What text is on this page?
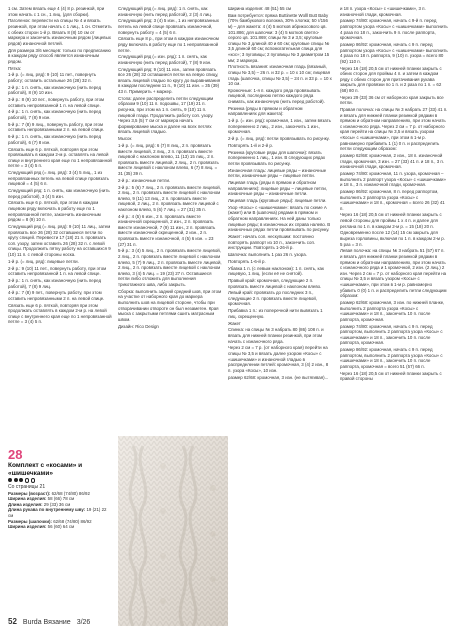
1 см. Затем вязать еще 4 (4) 8 р. резинкой, при этом начать с 1 сн., 1 лиц. (для сборки).

Паголенок: перевести на спицы № 4 и вязать резинкой, при этом начать с 1 лиц., 1 сн. Отметить с обеих сторон 1-й р. Вязать 8 (8) 10 см от маркера и закончить изнаночным рядом (лицевых рядов) изнаночной петлей.

Для размера 3/6 месяцев: только по предписанию в каждом ряду способ является изнаночным рядом.

Пятка:

1-й р. (= лиц. ряд): 9 (10) 11 пет., повернуть работу; оставить остальные 26 (28) 32 п.

2-й р.: 1 п. снять, как изнаночную (нить перед работой), 8 (9) 10 изн.

3-й р.: 8 (9) 10 пет., повернуть работу, при этом оставить непровязанной 1 п. на левой спице.

4-й р.: 1 п. снять, как изнаночную (нить перед работой), 7 (8) 9 изн.

5-й р.: 7 (8) 9 лиц., повернуть работу, при этом оставить непровязанными 2 п. на левой спице.

6-й р.: 1 п. снять, как изнаночную (нить перед работой), 6 (7) 8 изн.

Связать еще 6 р. пяткой, повторяя при этом провязывать в каждом 2-м р. оставлять на левой спице и внутреннего края еще по 1 непровязанной петле = 3 (4) 5 п.

Следующий ряд (= лиц. ряд): 3 (4) 5 лиц., 1 из непровязанных петель на левой спице провязать лицевой = 4 (5) 6 п.

Следующий ряд: 1 п. снять, как изнаночную (нить перед работой), 3 (4) 5 изн.

Связать еще 6 р. пяткой, при этом в каждом лицевом ряду включать в работу еще по 1 непровязанной петле, закончить изнаночным рядом = 8 (9) 10 п.

Следующий ряд (= лиц. ряд): 9 (10) 11 лиц., затем провязать все 26 (28) 32 оставшиеся петли по кругу спицей. Перевести 17 (18) 21 п. провязать соп. узору, затем оставить 26 (28) 32 п. с левой спицы. Продолжить пятку работу на оставшихся 9 (10) 11 п. с левой стороны носка.

1-й р. (= лиц. ряд): лицевые петли.

2-й р.: 9 (10) 11 пет., повернуть работу, при этом оставить непровязанной 1 п. на левой спице.

3-й р.: 1 п. снять, как изнаночную (нить перед работой), 7 (8) 9 лиц.

4-й р.: 7 (8) 9 пет., повернуть работу, при этом оставить непровязанными 2 п. на левой спице.

Связать еще 6 р. пяткой, повторяя при этом продолжать оставлять в каждом 2-м р. на левой спице с внутреннего края еще по 1 непровязанной петле = 3 (4) 5 п.

Следующий ряд (= лиц. ряд): 1 п. снять, как изнаночную (нить перед работой), 2 (3) 4 лиц.

Следующий ряд: 3 (4) 5 изн., 1 из непровязанных петель на левой спице провязать изнаночной, повернуть работу = 4 (5) 6 п.

Связать еще 8 р., при этом в каждом изнаночном ряду включать в работу еще по 1 непровязанной петле.

Следующий ряд (= изн. ряд): 1 п. снять, как изнаночную (нить перед работой), 7 (8) 9 изн.

Следующий ряд: 9 (10) 11 изн., затем провязать все 26 (28) 32 оставшиеся петли на левую спицу, вязать лицевой гладью по кругу до выравнивания в каждом последнем 11 п., 9 (10) 11 изн. = 35 (39) 43 п. Примерить + маркер.

Стопа: далее распределить петли следующим образом 9 (10) 11 п. подошвы, 17 (19) 21 п. рисунка, при этом на 1 п. снять, 9 (10) 11 п. лицевой глади. Продолжить работу соп. узору. Через 3,5 (5) 7 см от маркера начать формирование мыска и далее на всех петлях вязать лицевой гладью.

Мысок

1-й р. (= лиц. ряд): 6 (7) 8 лиц., 2 п. провязать вместе лицевой, 2 лиц., 2 п. провязать вместе лицевой с наклоном влево, 11 (13) 15 лиц., 2 п. провязать вместе лицевой, 2 лиц., 2 п. провязать вместе лицевой с наклоном влево, 6 (7) 8 лиц. = 31 (35) 39 п.

2-й р.: изнаночные петли.

3-й р.: 5 (6) 7 лиц., 2 п. провязать вместе лицевой, 2 лиц., 2 п. провязать вместе лицевой с наклоном влево, 9 (11) 13 лиц., 2 п. провязать вместе лицевой, 2 лиц., 2 п. провязать вместе лицевой с наклоном влево, 5 (6) 7 лиц. = 27 (31) 35 п.

4-й р.: 4 (5) 6 изн., 2 п. провязать вместе изнаночной скрещенной, 2 изн., 2 п. провязать вместе изнаночной, 7 (9) 11 изн., 2 п. провязать вместе изнаночной скрещенной, 2 изн., 2 п. провязать вместе изнаночной, 4 (5) 6 изн. = 23 (27) 31 п.

5-й р.: 3 (4) 5 лиц., 2 п. провязать вместе лицевой, 2 лиц., 2 п. провязать вместе лицевой с наклоном влево, 5 (7) 9 лиц., 2 п. провязать вместе лицевой, 2 лиц., 2 п. провязать вместе лицевой с наклоном влево, 3 (4) 5 лиц. = 19 (23) 27 п. Оставшиеся петли либо отложить для выполнения трикотажного шва, либо закрыть.

Сборка: выполнить задний средний шов, при этом на участке от наборного края до маркера выполнить шов на лицевой стороне, чтобы при отворачивании отвороте он был незаметен. Края мыска с закрытыми петлями сшить матрасным швом.

Дизайн: Rico Design

Ширина изделия: 48 (51) 55 см

Вам потребуется: пряжа Buttinette Wolll Butt Baby (70% бамбукового волокна, 30% хлопка; 50 г/156 м) – для жакета: 4 (4) 5 мотков абрикосового цв. 101.886; для шапочки: 3 (4) 5 мотков светло-серого цв. 101.869; спицы № 3 и 3,5; круговые спицы № 3 длиной 40 и 60 см; круговые спицы № 3,5 длиной 60 см; вспомогательная спица для «кос»; 3 пуговицы; 2 пуговицы № 3 диаметром 15 мм; 2 маркера.

Плотность вязания: изнаночная гладь (вязаный, спицы № 3,5) – 26 п. и 32 р. = 10 х 10 см; лицевая гладь (шапочка, спицы № 3,5) – 24 п. и 33 р. = 10 х 10 см.

Кромочные: 1-я п. каждого ряда провязывать лицевой, последнюю петлю каждого ряда снимать, как изнаночную (нить перед работой).

Резинка (ряды в прямом и обратном направлениях для жакета):

1-й р. (= изн. ряд): кромочная, 1 изн., затем вязать попеременно 2 лиц., 2 изн., закончить 1 изн., кромочная.

2-й р. (= лиц. ряд): петли провязывать по рисунку.

Повторять 1-й и 2-й р.

Резинка (круговые ряды для шапочки): вязать попеременно 1 лиц., 1 изн. В следующих рядах петли провязывать по рисунку.

Изнаночная гладь: лицевые ряды – изнаночные петли, изнаночные ряды – лицевые петли.

Лицевая гладь (ряды в прямом и обратном направлениях): лицевые ряды – лицевые петли, изнаночные ряды – изнаночные петли.

Лицевая гладь (круговые ряды): лицевые петли.

Узор «Косы» с «шишечками»: вязать по схеме А (жакет) или В (шапочка) рядами в прямом и обратном направлениях. На ней даны только лицевые ряды; в изнаночных их справа налево. В изнаночных рядах петли провязывать по рисунку.

Жакет: начать соп. нескупшим: постоянно повторять раппорт из 10 п., закончить соп. инструкции. Повторять 1-26-й р.

Шапочка: выполнить 1 раз 26 п. узора.

Повторять 1-6-й р.

Убавка 1 п. (с левым наклоном): 1 п. снять, как лицевую, 1 лиц. (если её не снятой).

Правый край: кромочная, следующие 2 п. провязать вместе лицевой с наклоном влево.

Левый край: провязать до последних 3 п., следующие 2 п. провязать вместе лицевой, кромочная.

Прибавка 1 п.: из поперечной нити вывязать 1 лиц. скрещенную.

Жакет

Спинка: на спицы № 3 набрать 80 (86) 108 п. и вязать для нижней планки резинкой, при этом начать с изнаночного ряда.

Через 2 см = 7 р. (от наборного края) перейти на спицы № 3,5 и вязать далее узором «Косы» с «шишечками» и изнаночной гладью в распределении петлей: кромочная, 3 (4) 2 изн., 8 п. узора «Косы», 10 изн.

размер 62/68: кромочная, 3 изн. (не вытягивая)...

и 18 п. узора «Косы» с «шишечками», 3 п. изнаночной глади, кромочная.

размер 74/80: кромочная, начать с 9-й п. перед раппортом узора «Косы» с «шишечками» выполнить 4 раза по 18 п., закончить 9 п. после раппорта, кромочная.

размер 86/92: кромочная, начать с 9 п. перед раппортом узора «Косы» с «шишечками» выполнить 4 раза по 18 п. раппорта, 9 (10) п. узора = всего 80 (92) 110 п.

Через 16 (18) 20,5 см от нижней планки закрыть с обеих сторон для проймы 4 п. и затем в каждом ряду с обеих сторон для притачивания рукава закрыть для провязки по 1 п. и 2 раза по 1 п. = 62 (68) 80 п.

Через 29 (33) 36 см от наборного края закрыть все петли.

Правая полочка: на спицы № 3 набрать 27 (33) 41 п. и вязать для нижней планки резинкой рядами в прямом и обратном направлениях, при этом начать с изнаночного ряда. Через 2 см = 7 р. от наборного края перейти на спицы № 3,5 и вязать узором «Косы» с «шишечками», при этом в 1-м р. равномерно прибавить 1 (1) 0 п. и распределить петли следующим образом:

размер 62/68: кромочная, 2 изн., 18 п. изнаночной глади, кромочная, 3 изн. = 27 (33) 41 п. и 18 п., 3 п. изнаночной глади, кромочная.

размер 74/80: кромочная, 11 п. узора, кромочная – выполнить 2 раппорт узора «Косы» с «шишечками» и 18 п., 3 п. изнаночной глади, кромочная.

размер 86/92: кромочная, 8 п. перед раппортом, выполнить 2 раппорта узора «Косы» с «шишечками» и 18 п., кромочная = всего 26 (32) 41 п.

Через 16 (18) 20,5 см от нижней планки закрыть с левой стороны для проймы 1 х 4 п. и далее для реглана по 1 п. в каждом 2-м р. = 15 (18) 20 п.

Одновременно после 12 (14) 15 см закрыть для выреза горловины, включая по 1 п. в каждом 2-м р. 5 раз = 3 п.

Левая полочка: на спицы № 3 набрать 51 (57) 67 п. и вязать для нижней планки резинкой рядами в прямом и обратном направлениях, при этом начать с изнаночного ряда и 1 кромочной, 2 изн. (2 лиц.) 2 изн. Через 2 см = 7 р. от наборного края перейти на спицы № 3,5 и вязать узором «Косы» с «шишечками», при этом в 1-м р. равномерно убавить 0 (0) 1 п. и распределить петли следующим образом:

размер 62/68: кромочная, 3 изн. по нижней планке, выполнить 2 раппорта узора «Косы» с «шишечками» и 18 п., закончить 10 п. после раппорта, кромочная.

размер 74/80: кромочная, начать с 9 п. перед раппортом, выполнить 2 раппорта узора «Косы» с «шишечками» и 18 п., закончить 10 п. после раппорта, кромочная.

размер 86/92: кромочная, начать с 9 п. перед раппортом, выполнить 2 раппорта узора «Косы» с «шишечками» и 18 п., закончить 10 п. после раппорта, кромочная = всего 51 (57) 66 п.

Через 16 (18) 20,5 см от нижней планки закрыть с правой стороны

28

Комплект с «косами» и «шишечками»
Со страницы 21

Размеры (возраст): 62/68 (74/80) 86/92

Ширина изделия: 58 (66) 78 см

Длина изделия: 29 (33) 36 см

Длина рукава по внутреннему шву: 19 (21) 22 см

Размеры (шапочки): 62/68 (74/80) 86/92

Ширина изделия: 56 (60) 64 см

52 Burda Вязание 3/26
